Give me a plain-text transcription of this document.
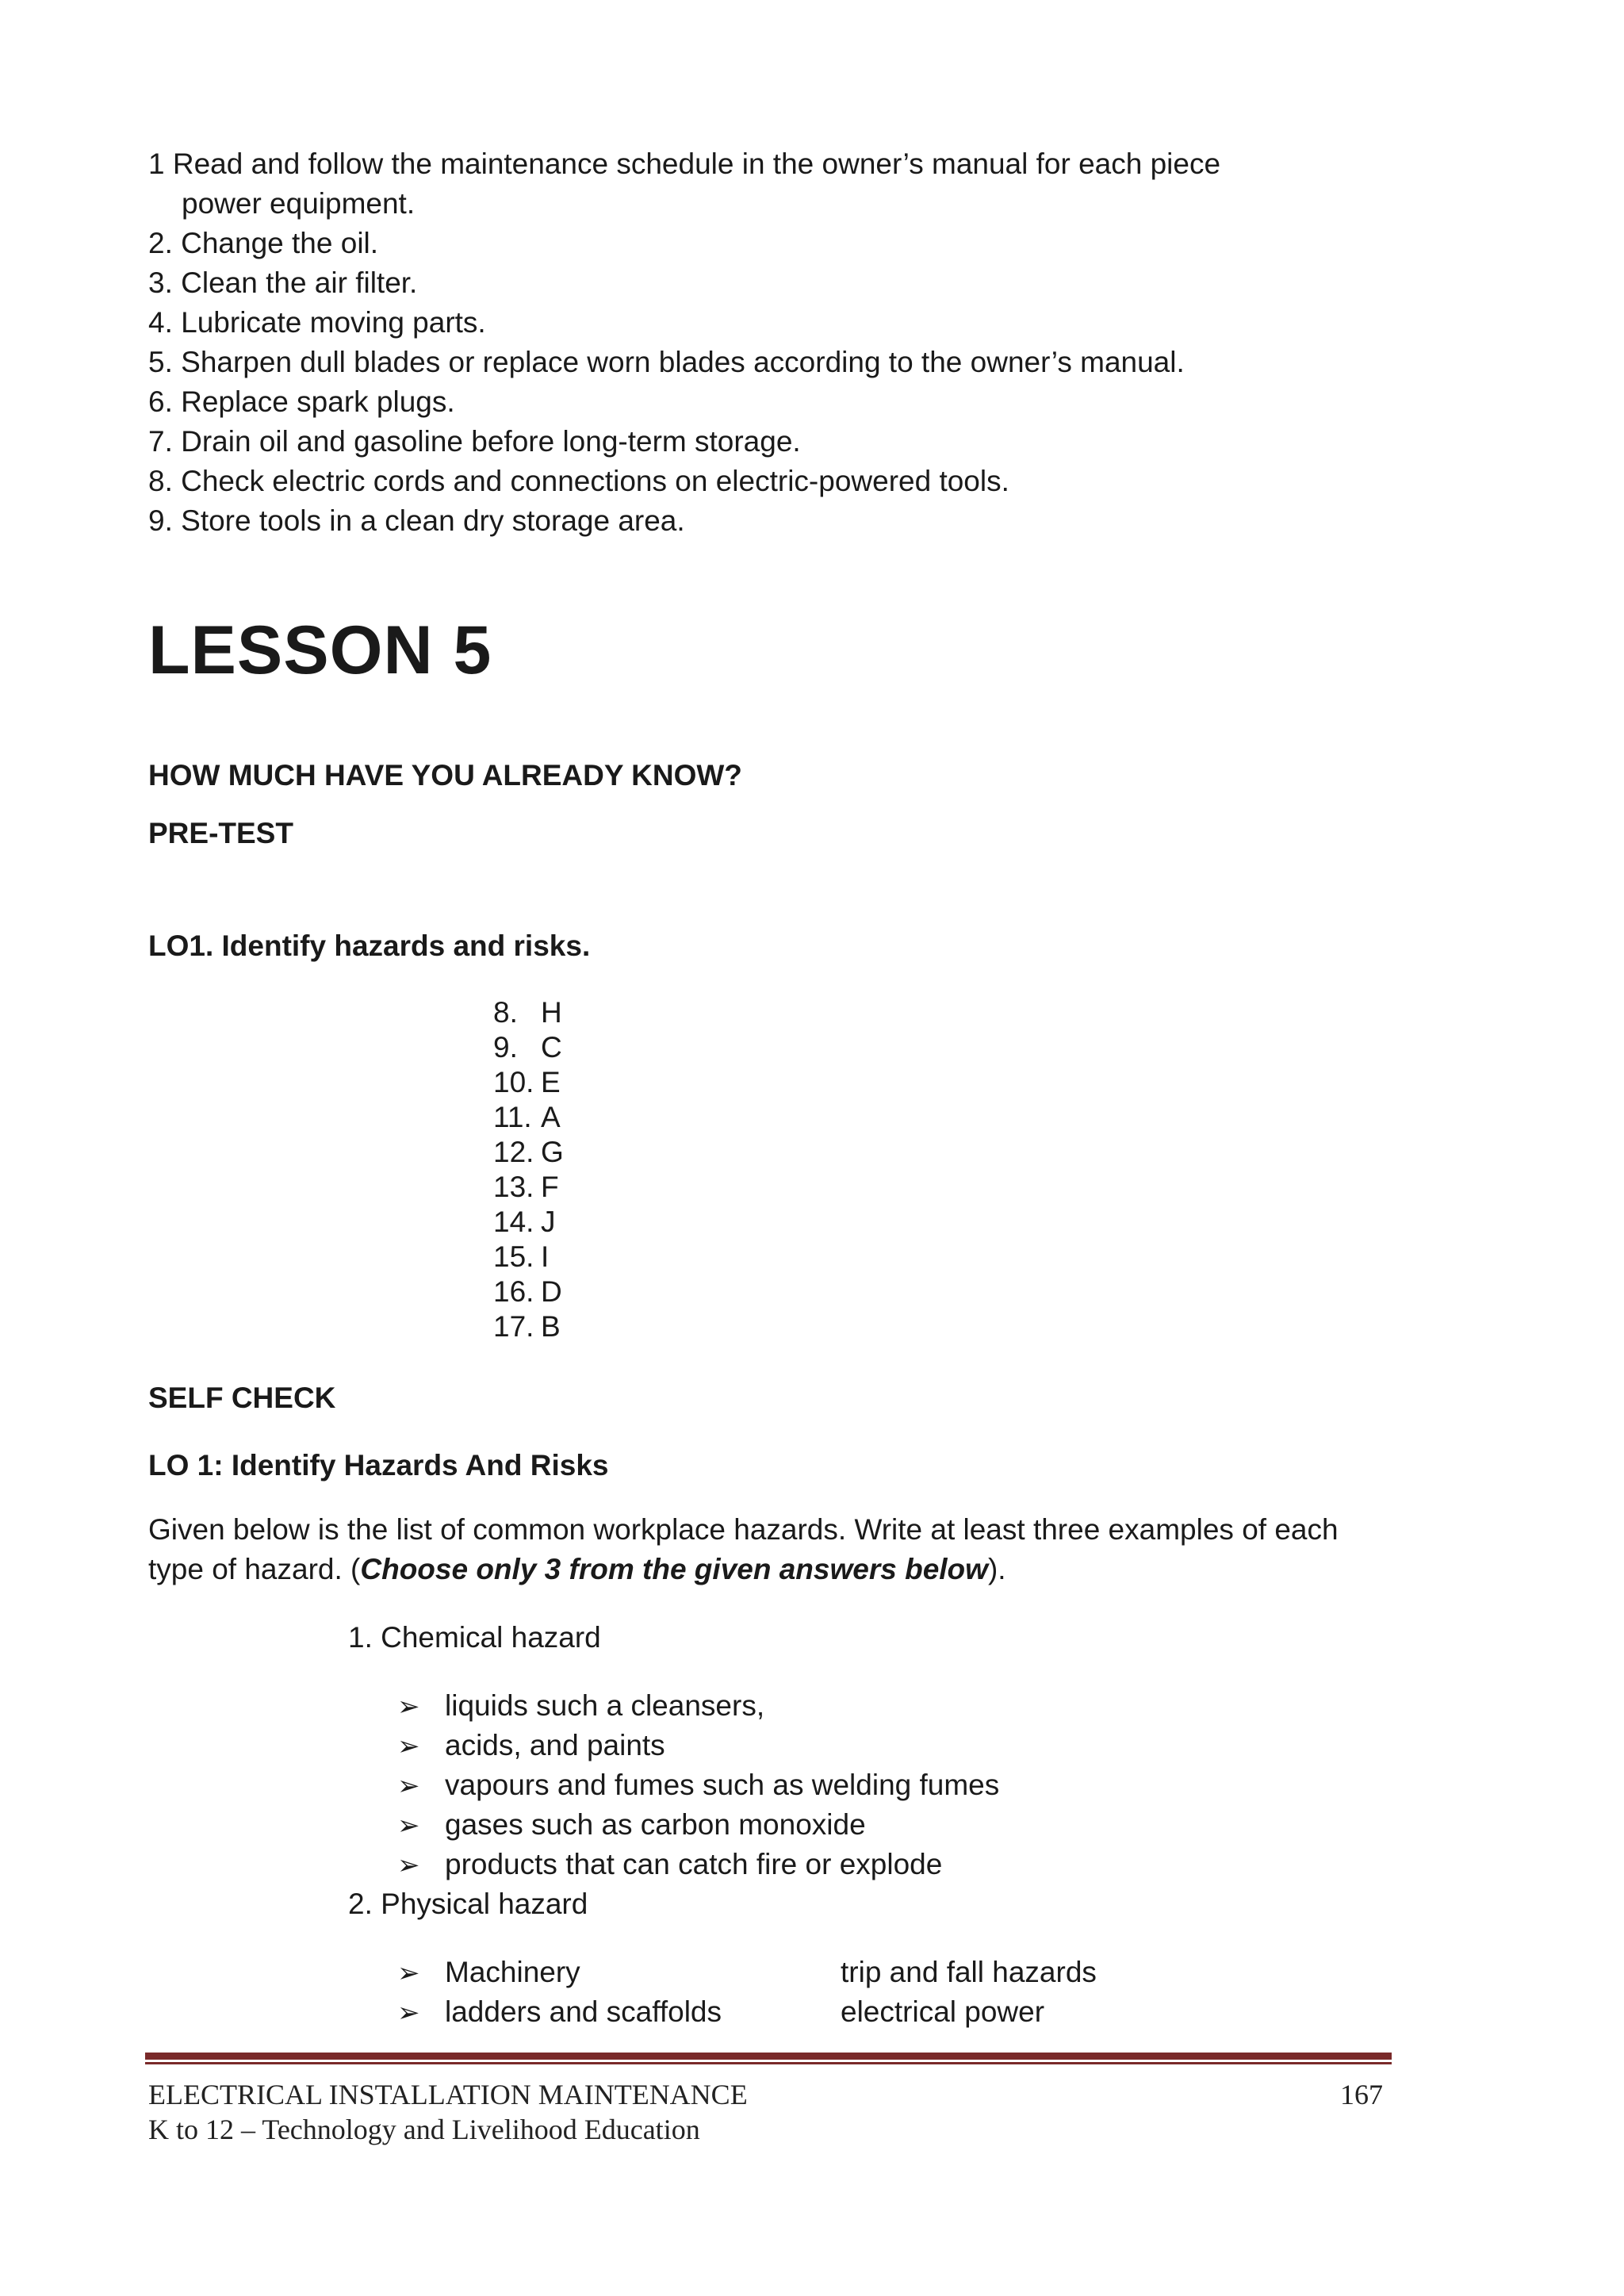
1 Read and follow the maintenance schedule in the owner’s manual for each piece
power equipment.
2. Change the oil.
3. Clean the air filter.
4. Lubricate moving parts.
5. Sharpen dull blades or replace worn blades according to the owner’s manual.
6. Replace spark plugs.
7. Drain oil and gasoline before long-term storage.
8. Check electric cords and connections on electric-powered tools.
9. Store tools in a clean dry storage area.
LESSON 5
HOW MUCH HAVE YOU ALREADY KNOW?
PRE-TEST
LO1. Identify hazards and risks.
8. H
9. C
10. E
11. A
12. G
13. F
14. J
15. I
16. D
17. B
SELF CHECK
LO 1: Identify Hazards And Risks
Given below is the list of common workplace hazards. Write at least three examples of each
type of hazard. (Choose only 3 from the given answers below).
1. Chemical hazard
➢ liquids such a cleansers,
➢ acids, and paints
➢ vapours and fumes such as welding fumes
➢ gases such as carbon monoxide
➢ products that can catch fire or explode
2. Physical hazard
➢ Machinery	trip and fall hazards
➢ ladders and scaffolds	electrical power
ELECTRICAL INSTALLATION MAINTENANCE
K to 12 – Technology and Livelihood Education
167
